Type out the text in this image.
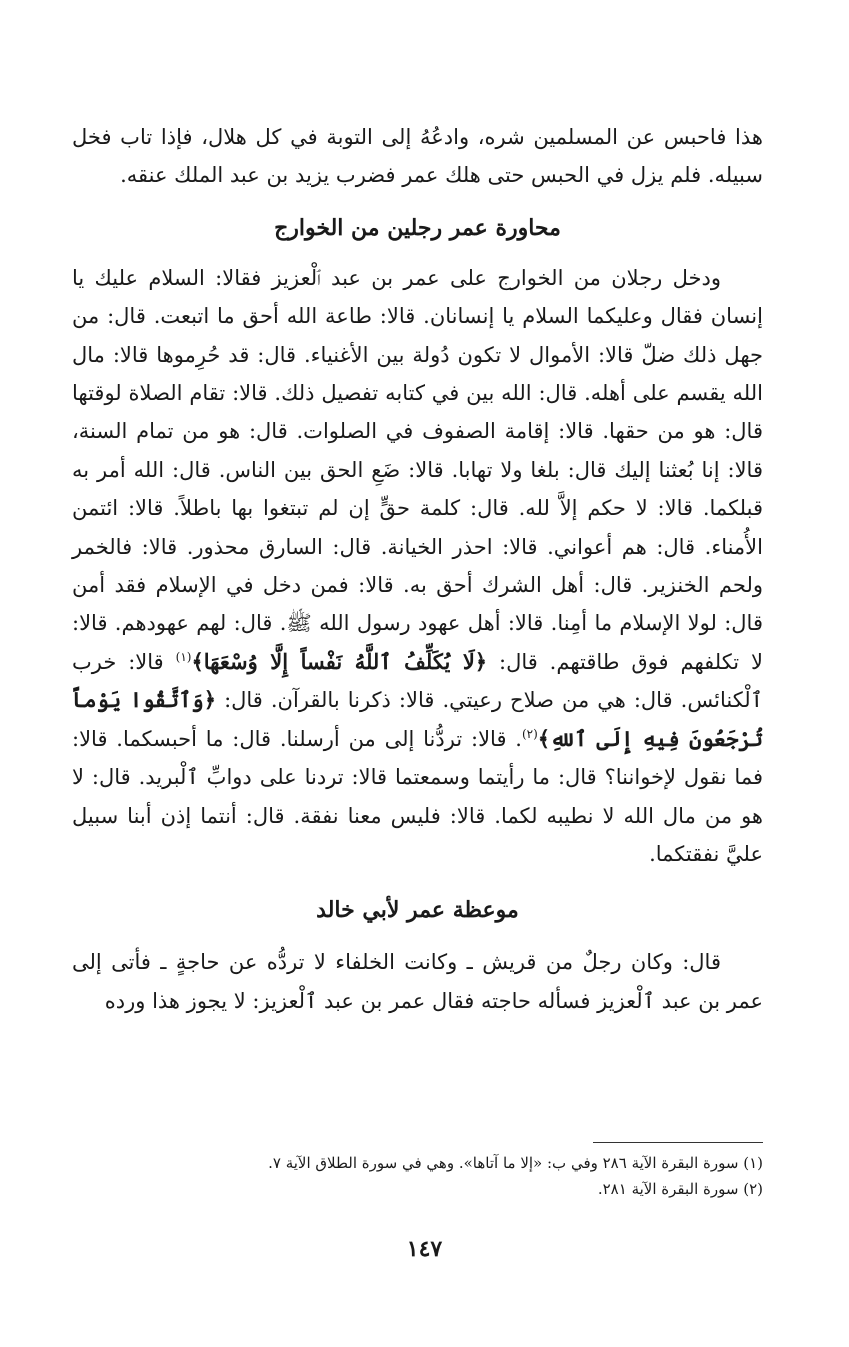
هذا فاحبس عن المسلمين شره، وادعُهُ إلى التوبة في كل هلال، فإذا تاب فخل سبيله. فلم يزل في الحبس حتى هلك عمر فضرب يزيد بن عبد الملك عنقه.

محاورة عمر رجلين من الخوارج

ودخل رجلان من الخوارج على عمر بن عبد ٱلْعزيز فقالا: السلام عليك يا إنسان فقال وعليكما السلام يا إنسانان. قالا: طاعة الله أحق ما اتبعت. قال: من جهل ذلك ضلّ قالا: الأموال لا تكون دُولة بين الأغنياء. قال: قد حُرِموها قالا: مال الله يقسم على أهله. قال: الله بين في كتابه تفصيل ذلك. قالا: تقام الصلاة لوقتها قال: هو من حقها. قالا: إقامة الصفوف في الصلوات. قال: هو من تمام السنة، قالا: إنا بُعثنا إليك قال: بلغا ولا تهابا. قالا: ضَعِ الحق بين الناس. قال: الله أمر به قبلكما. قالا: لا حكم إلاَّ لله. قال: كلمة حقٍّ إن لم تبتغوا بها باطلاً. قالا: ائتمن الأُمناء. قال: هم أعواني. قالا: احذر الخيانة. قال: السارق محذور. قالا: فالخمر ولحم الخنزير. قال: أهل الشرك أحق به. قالا: فمن دخل في الإسلام فقد أمن قال: لولا الإسلام ما أمِنا. قالا: أهل عهود رسول الله ﷺ. قال: لهم عهودهم. قالا: لا تكلفهم فوق طاقتهم. قال: ﴿لَا يُكَلِّفُ ٱللَّهُ نَفْساً إِلَّا وُسْعَهَا﴾$^{(١)}$ قالا: خرب ٱلْكنائس. قال: هي من صلاح رعيتي. قالا: ذكرنا بالقرآن. قال: ﴿وَٱتَّقُوا يَوْماً تُرْجَعُونَ فِيهِ إِلَى ٱللهِ﴾$^{(٢)}$. قالا: تردُّنا إلى من أرسلنا. قال: ما أحبسكما. قالا: فما نقول لإخواننا؟ قال: ما رأيتما وسمعتما قالا: تردنا على دوابِّ ٱلْبريد. قال: لا هو من مال الله لا نطيبه لكما. قالا: فليس معنا نفقة. قال: أنتما إذن أبنا سبيل عليَّ نفقتكما.

موعظة عمر لأبي خالد

قال: وكان رجلٌ من قريش ـ وكانت الخلفاء لا تردُّه عن حاجةٍ ـ فأتى إلى عمر بن عبد ٱلْعزيز فسأله حاجته فقال عمر بن عبد ٱلْعزيز: لا يجوز هذا ورده

(١) سورة البقرة الآية ٢٨٦ وفي ب: «إلا ما آتاها». وهي في سورة الطلاق الآية ٧.

(٢) سورة البقرة الآية ٢٨١.

١٤٧
